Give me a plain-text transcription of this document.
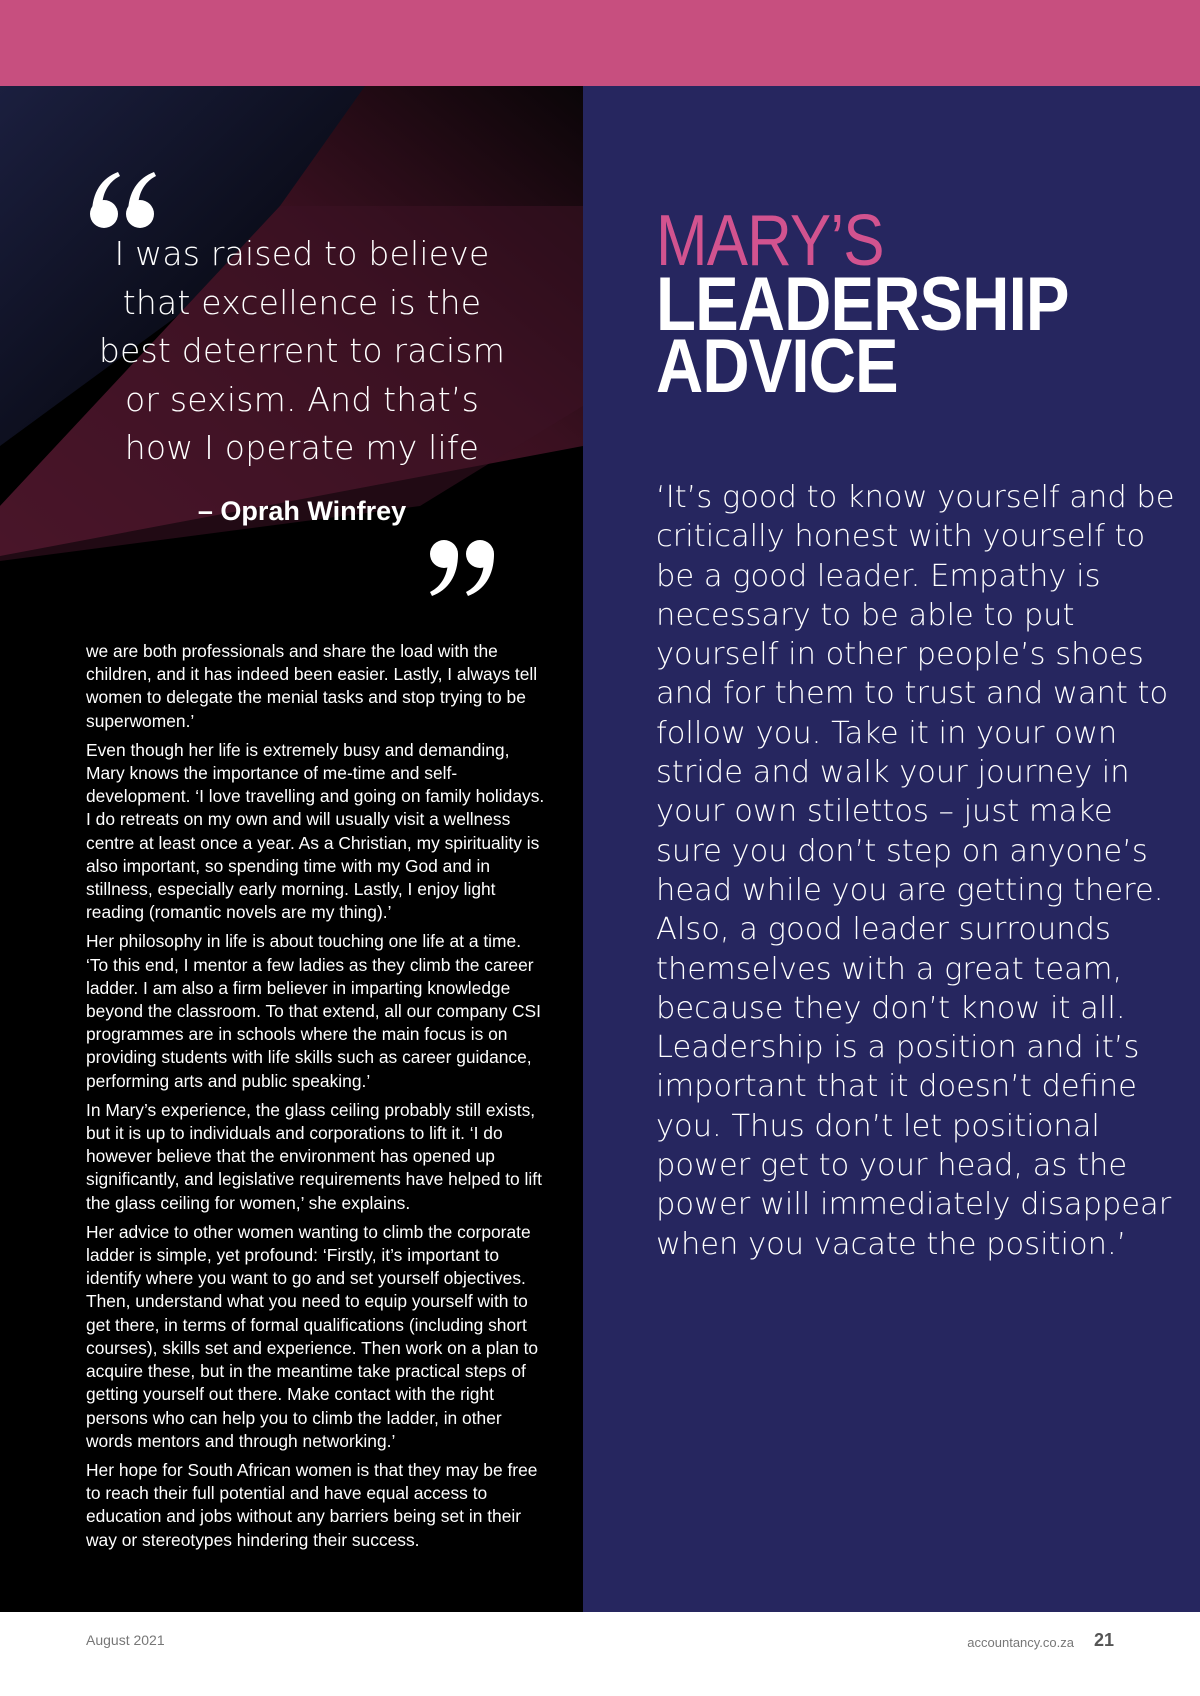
I was raised to believe that excellence is the best deterrent to racism or sexism. And that’s how I operate my life
– Oprah Winfrey

we are both professionals and share the load with the children, and it has indeed been easier. Lastly, I always tell women to delegate the menial tasks and stop trying to be superwomen.’

Even though her life is extremely busy and demanding, Mary knows the importance of me-time and self-development. ‘I love travelling and going on family holidays. I do retreats on my own and will usually visit a wellness centre at least once a year. As a Christian, my spirituality is also important, so spending time with my God and in stillness, especially early morning. Lastly, I enjoy light reading (romantic novels are my thing).’

Her philosophy in life is about touching one life at a time. ‘To this end, I mentor a few ladies as they climb the career ladder. I am also a firm believer in imparting knowledge beyond the classroom. To that extend, all our company CSI programmes are in schools where the main focus is on providing students with life skills such as career guidance, performing arts and public speaking.’

In Mary’s experience, the glass ceiling probably still exists, but it is up to individuals and corporations to lift it. ‘I do however believe that the environment has opened up significantly, and legislative requirements have helped to lift the glass ceiling for women,’ she explains.

Her advice to other women wanting to climb the corporate ladder is simple, yet profound: ‘Firstly, it’s important to identify where you want to go and set yourself objectives. Then, understand what you need to equip yourself with to get there, in terms of formal qualifications (including short courses), skills set and experience. Then work on a plan to acquire these, but in the meantime take practical steps of getting yourself out there. Make contact with the right persons who can help you to climb the ladder, in other words mentors and through networking.’

Her hope for South African women is that they may be free to reach their full potential and have equal access to education and jobs without any barriers being set in their way or stereotypes hindering their success.

MARY’S
LEADERSHIP
ADVICE
‘It’s good to know yourself and be critically honest with yourself to be a good leader. Empathy is necessary to be able to put yourself in other people’s shoes and for them to trust and want to follow you. Take it in your own stride and walk your journey in your own stilettos – just make sure you don’t step on anyone’s head while you are getting there. Also, a good leader surrounds themselves with a great team, because they don’t know it all. Leadership is a position and it’s important that it doesn’t define you. Thus don’t let positional power get to your head, as the power will immediately disappear when you vacate the position.’
August 2021	accountancy.co.za 21
